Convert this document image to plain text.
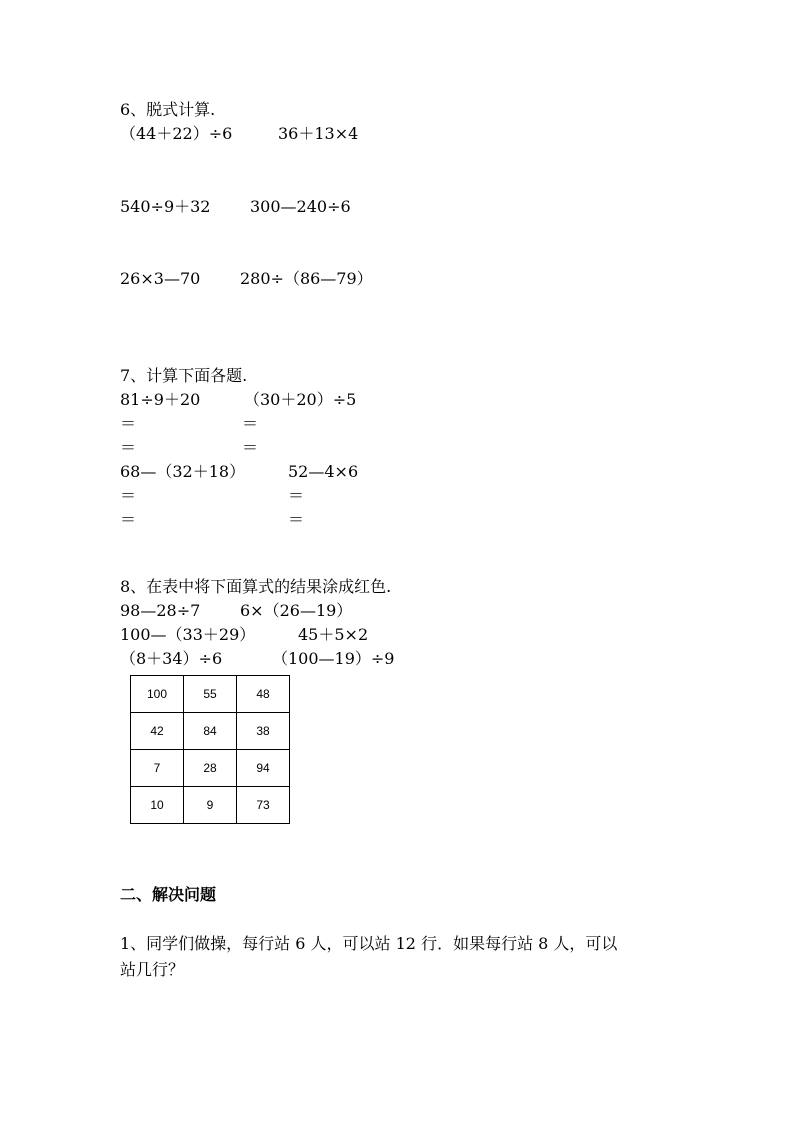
6、脱式计算.
（44＋22）÷6	36＋13×4
540÷9＋32 300—240÷6
26×3—70 280÷（86—79）
7、计算下面各题.
81÷9＋20	（30＋20）÷5
＝	＝
＝	＝
68—（32＋18）	52—4×6
＝	＝
＝	＝
8、在表中将下面算式的结果涂成红色.
98—28÷7 6×（26—19）
100—（33＋29）	45＋5×2
（8＋34）÷6	（100—19）÷9
100	55	48
42	84	38
7	28	94
10	9	73
二、解决问题
1、同学们做操，每行站 6 人，可以站 12 行．如果每行站 8 人，可以
站几行？
